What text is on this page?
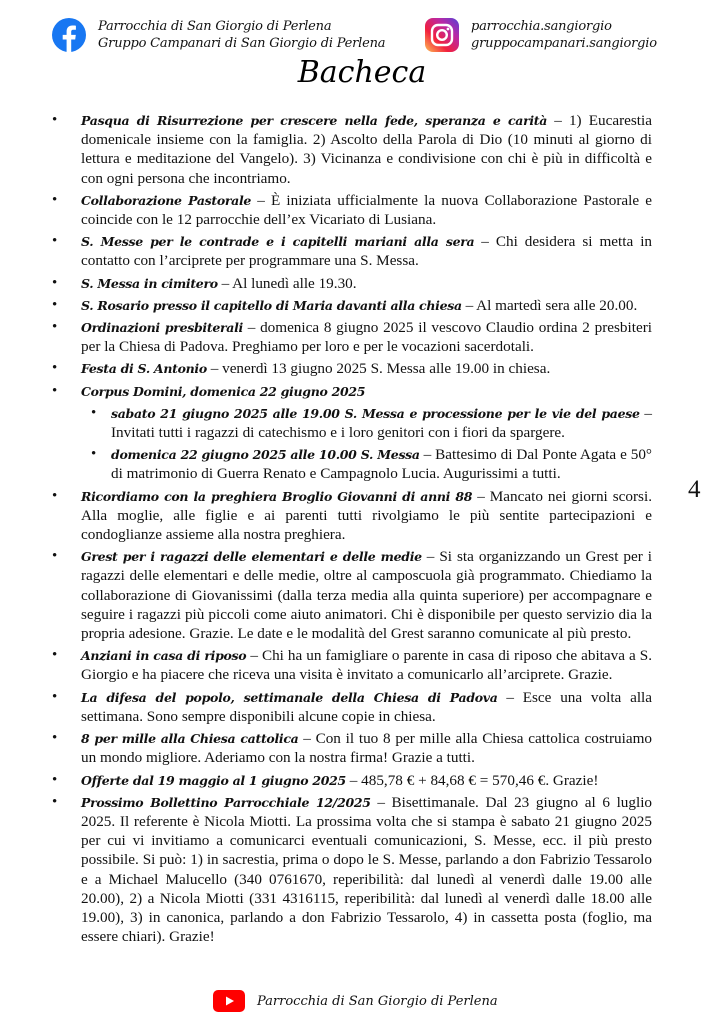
Parrocchia di San Giorgio di Perlena
Gruppo Campanari di San Giorgio di Perlena
parrocchia.sangiorgio
gruppocampanari.sangiorgio
Bacheca
• Pasqua di Risurrezione per crescere nella fede, speranza e carità – 1) Eucarestia domenicale insieme con la famiglia. 2) Ascolto della Parola di Dio (10 minuti al giorno di lettura e meditazione del Vangelo). 3) Vicinanza e condivisione con chi è più in difficoltà e con ogni persona che incontriamo.
• Collaborazione Pastorale – È iniziata ufficialmente la nuova Collaborazione Pastorale e coincide con le 12 parrocchie dell’ex Vicariato di Lusiana.
• S. Messe per le contrade e i capitelli mariani alla sera – Chi desidera si metta in contatto con l’arciprete per programmare una S. Messa.
• S. Messa in cimitero – Al lunedì alle 19.30.
• S. Rosario presso il capitello di Maria davanti alla chiesa – Al martedì sera alle 20.00.
• Ordinazioni presbiterali – domenica 8 giugno 2025 il vescovo Claudio ordina 2 presbiteri per la Chiesa di Padova. Preghiamo per loro e per le vocazioni sacerdotali.
• Festa di S. Antonio – venerdì 13 giugno 2025 S. Messa alle 19.00 in chiesa.
• Corpus Domini, domenica 22 giugno 2025
• sabato 21 giugno 2025 alle 19.00 S. Messa e processione per le vie del paese – Invitati tutti i ragazzi di catechismo e i loro genitori con i fiori da spargere.
• domenica 22 giugno 2025 alle 10.00 S. Messa – Battesimo di Dal Ponte Agata e 50° di matrimonio di Guerra Renato e Campagnolo Lucia. Augurissimi a tutti.
• Ricordiamo con la preghiera Broglio Giovanni di anni 88 – Mancato nei giorni scorsi. Alla moglie, alle figlie e ai parenti tutti rivolgiamo le più sentite partecipazioni e condoglianze assieme alla nostra preghiera.
• Grest per i ragazzi delle elementari e delle medie – Si sta organizzando un Grest per i ragazzi delle elementari e delle medie, oltre al camposcuola già programmato. Chiediamo la collaborazione di Giovanissimi (dalla terza media alla quinta superiore) per accompagnare e seguire i ragazzi più piccoli come aiuto animatori. Chi è disponibile per questo servizio dia la propria adesione. Grazie. Le date e le modalità del Grest saranno comunicate al più presto.
• Anziani in casa di riposo – Chi ha un famigliare o parente in casa di riposo che abitava a S. Giorgio e ha piacere che riceva una visita è invitato a comunicarlo all’arciprete. Grazie.
• La difesa del popolo, settimanale della Chiesa di Padova – Esce una volta alla settimana. Sono sempre disponibili alcune copie in chiesa.
• 8 per mille alla Chiesa cattolica – Con il tuo 8 per mille alla Chiesa cattolica costruiamo un mondo migliore. Aderiamo con la nostra firma! Grazie a tutti.
• Offerte dal 19 maggio al 1 giugno 2025 – 485,78 € + 84,68 € = 570,46 €. Grazie!
• Prossimo Bollettino Parrocchiale 12/2025 – Bisettimanale. Dal 23 giugno al 6 luglio 2025. Il referente è Nicola Miotti. La prossima volta che si stampa è sabato 21 giugno 2025 per cui vi invitiamo a comunicarci eventuali comunicazioni, S. Messe, ecc. il più presto possibile. Si può: 1) in sacrestia, prima o dopo le S. Messe, parlando a don Fabrizio Tessarolo e a Michael Malucello (340 0761670, reperibilità: dal lunedì al venerdì dalle 19.00 alle 20.00), 2) a Nicola Miotti (331 4316115, reperibilità: dal lunedì al venerdì dalle 18.00 alle 19.00), 3) in canonica, parlando a don Fabrizio Tessarolo, 4) in cassetta posta (foglio, ma essere chiari). Grazie!
4
Parrocchia di San Giorgio di Perlena
